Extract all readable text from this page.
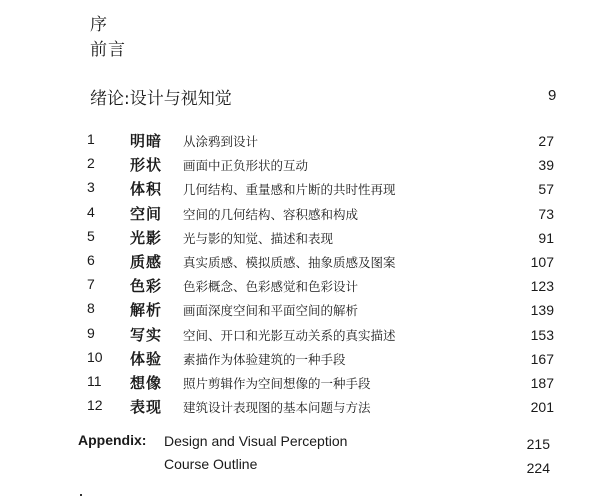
序
前言
绪论:设计与视知觉	9
1 明暗 从涂鸦到设计	27
2 形状 画面中正负形状的互动	39
3 体积 几何结构、重量感和片断的共时性再现	57
4 空间 空间的几何结构、容积感和构成	73
5 光影 光与影的知觉、描述和表现	91
6 质感 真实质感、模拟质感、抽象质感及图案	107
7 色彩 色彩概念、色彩感觉和色彩设计	123
8 解析 画面深度空间和平面空间的解析	139
9 写实 空间、开口和光影互动关系的真实描述	153
10 体验 素描作为体验建筑的一种手段	167
11 想像 照片剪辑作为空间想像的一种手段	187
12 表现 建筑设计表现图的基本问题与方法	201
Appendix: Design and Visual Perception	215
Course Outline	224
